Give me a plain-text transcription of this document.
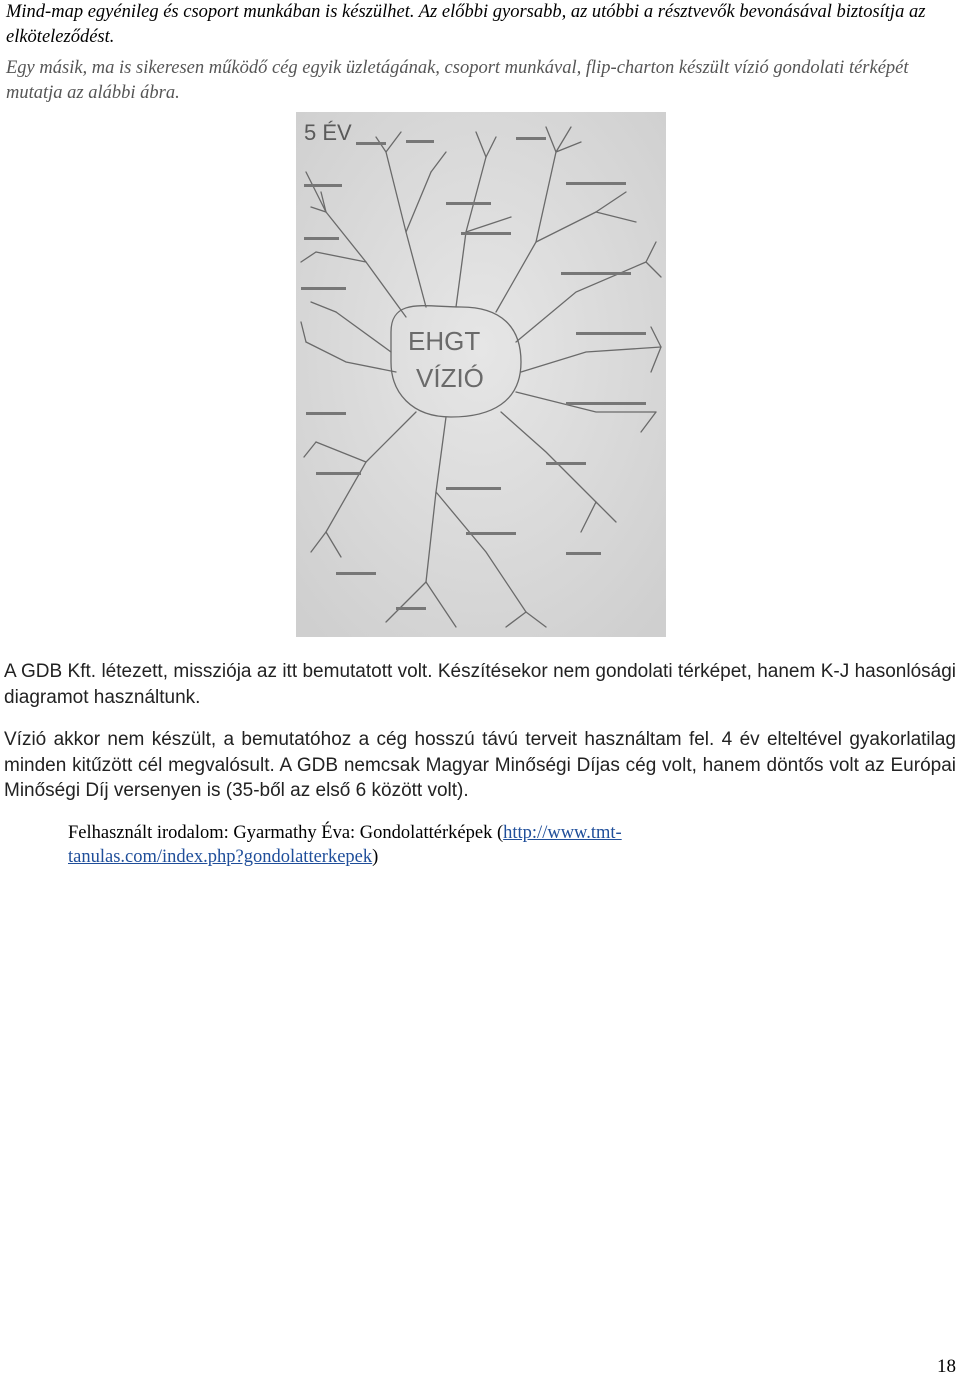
Mind-map egyénileg és csoport munkában is készülhet. Az előbbi gyorsabb, az utóbbi a résztvevők bevonásával biztosítja az elköteleződést.

Egy másik, ma is sikeresen működő cég egyik üzletágának, csoport munkával, flip-charton készült vízió gondolati térképét mutatja az alábbi ábra.

5 ÉV
EHGT
VÍZIÓ

A GDB Kft. létezett, missziója az itt bemutatott volt. Készítésekor nem gondolati térképet, hanem K-J hasonlósági diagramot használtunk.

Vízió akkor nem készült, a bemutatóhoz a cég hosszú távú terveit használtam fel. 4 év elteltével gyakorlatilag minden kitűzött cél megvalósult. A GDB nemcsak Magyar Minőségi Díjas cég volt, hanem döntős volt az Európai Minőségi Díj versenyen is (35-ből az első 6 között volt).

Felhasznált irodalom: Gyarmathy Éva: Gondolattérképek (http://www.tmt-tanulas.com/index.php?gondolatterkepek)
18
